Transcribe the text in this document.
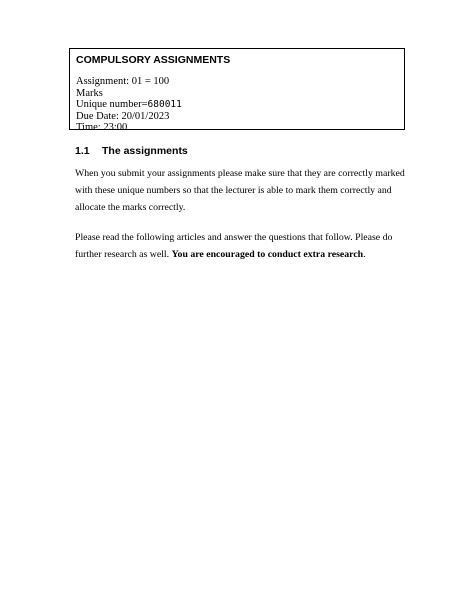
COMPULSORY ASSIGNMENTS
Assignment: 01 = 100
Marks
Unique number=680011
Due Date: 20/01/2023
Time: 23:00
1.1 The assignments
When you submit your assignments please make sure that they are correctly marked with these unique numbers so that the lecturer is able to mark them correctly and allocate the marks correctly.
Please read the following articles and answer the questions that follow. Please do further research as well. You are encouraged to conduct extra research.
